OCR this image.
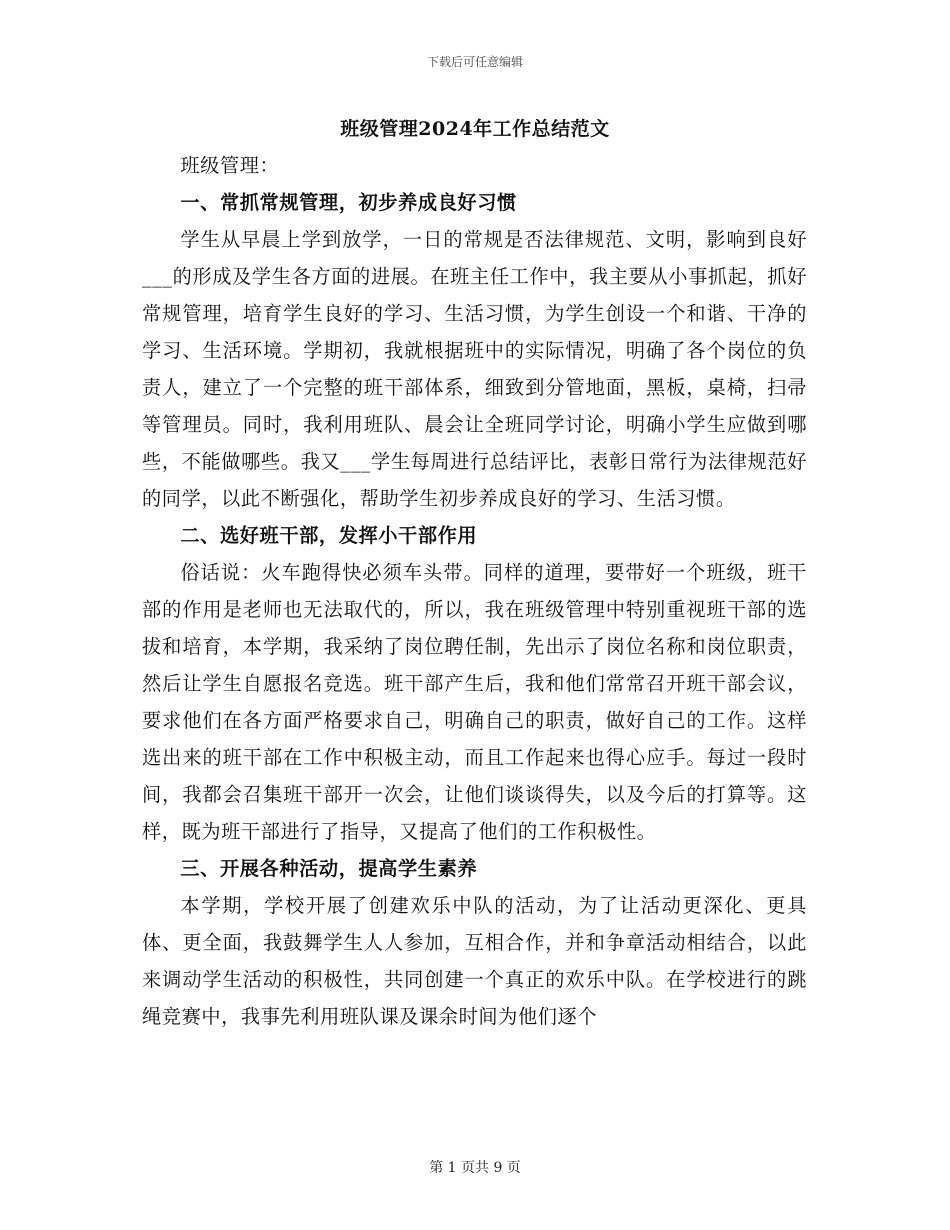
下载后可任意编辑
班级管理2024年工作总结范文

班级管理：

一、常抓常规管理，初步养成良好习惯

学生从早晨上学到放学，一日的常规是否法律规范、文明，影响到良好___的形成及学生各方面的进展。在班主任工作中，我主要从小事抓起，抓好常规管理，培育学生良好的学习、生活习惯，为学生创设一个和谐、干净的学习、生活环境。学期初，我就根据班中的实际情况，明确了各个岗位的负责人，建立了一个完整的班干部体系，细致到分管地面，黑板，桌椅，扫帚等管理员。同时，我利用班队、晨会让全班同学讨论，明确小学生应做到哪些，不能做哪些。我又___学生每周进行总结评比，表彰日常行为法律规范好的同学，以此不断强化，帮助学生初步养成良好的学习、生活习惯。

二、选好班干部，发挥小干部作用

俗话说：火车跑得快必须车头带。同样的道理，要带好一个班级，班干部的作用是老师也无法取代的，所以，我在班级管理中特别重视班干部的选拔和培育，本学期，我采纳了岗位聘任制，先出示了岗位名称和岗位职责，然后让学生自愿报名竞选。班干部产生后，我和他们常常召开班干部会议，要求他们在各方面严格要求自己，明确自己的职责，做好自己的工作。这样选出来的班干部在工作中积极主动，而且工作起来也得心应手。每过一段时间，我都会召集班干部开一次会，让他们谈谈得失，以及今后的打算等。这样，既为班干部进行了指导，又提高了他们的工作积极性。

三、开展各种活动，提高学生素养

本学期，学校开展了创建欢乐中队的活动，为了让活动更深化、更具体、更全面，我鼓舞学生人人参加，互相合作，并和争章活动相结合，以此来调动学生活动的积极性，共同创建一个真正的欢乐中队。在学校进行的跳绳竞赛中，我事先利用班队课及课余时间为他们逐个

第 1 页共 9 页
